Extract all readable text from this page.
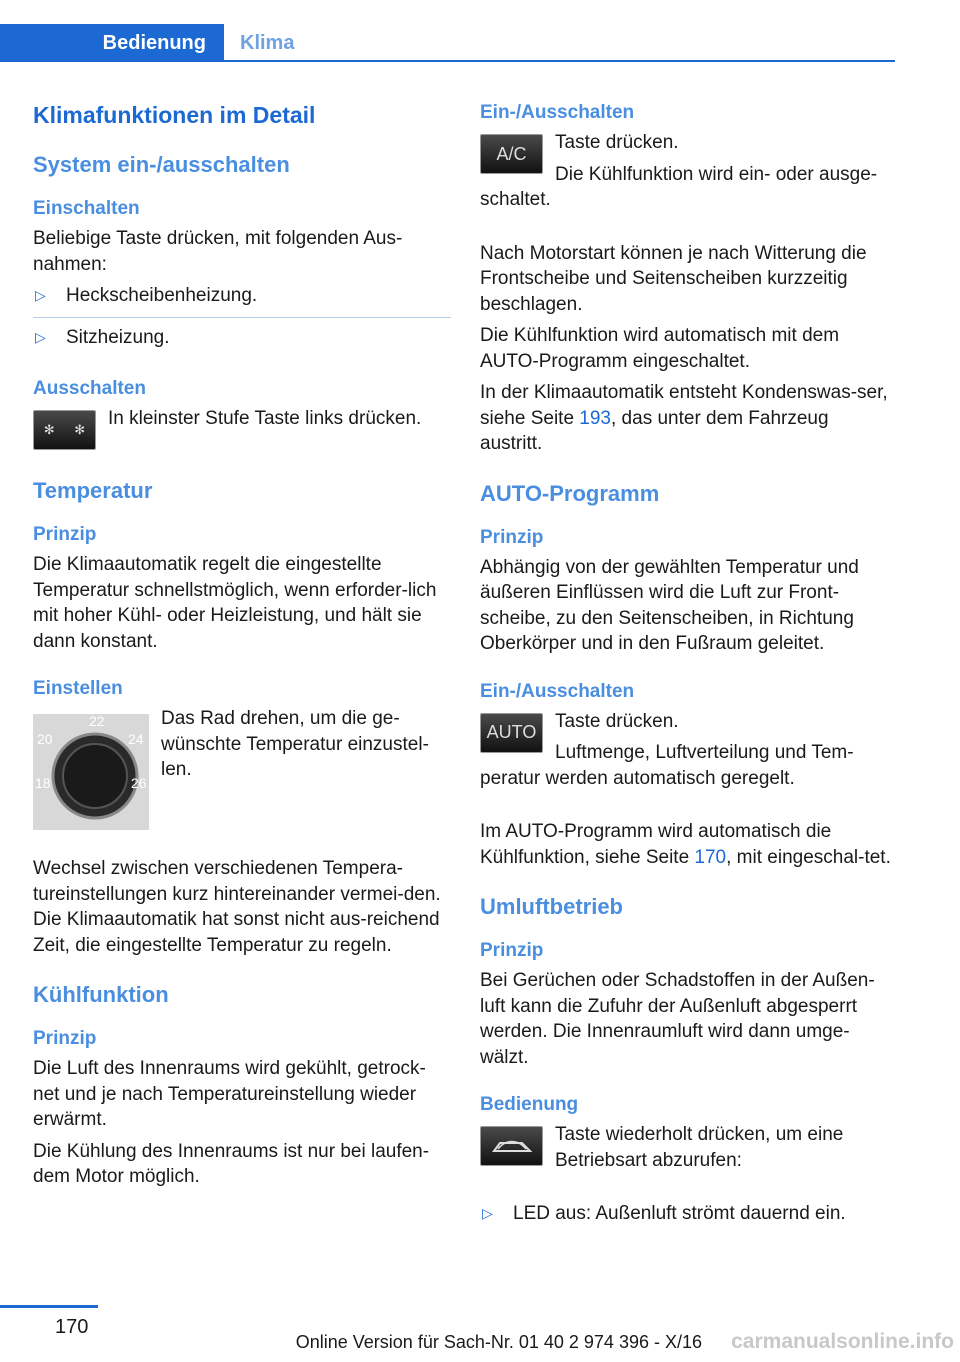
Bedienung	Klima
Klimafunktionen im Detail
System ein-/ausschalten
Einschalten

Beliebige Taste drücken, mit folgenden Aus-nahmen:

▷ Heckscheibenheizung.
▷ Sitzheizung.
Ausschalten
✻ ✻

In kleinster Stufe Taste links drücken.

Temperatur
Prinzip

Die Klimaautomatik regelt die eingestellte Temperatur schnellstmöglich, wenn erforder-lich mit hoher Kühl- oder Heizleistung, und hält sie dann konstant.

Einstellen
22
20	24
18	26

Das Rad drehen, um die ge-wünschte Temperatur einzustel-len.

Wechsel zwischen verschiedenen Tempera-tureinstellungen kurz hintereinander vermei-den. Die Klimaautomatik hat sonst nicht aus-reichend Zeit, die eingestellte Temperatur zu regeln.

Kühlfunktion
Prinzip

Die Luft des Innenraums wird gekühlt, getrock-net und je nach Temperatureinstellung wieder erwärmt.

Die Kühlung des Innenraums ist nur bei laufen-dem Motor möglich.

Ein-/Ausschalten
A/C

Taste drücken.

Die Kühlfunktion wird ein- oder ausge-schaltet.

Nach Motorstart können je nach Witterung die Frontscheibe und Seitenscheiben kurzzeitig beschlagen.

Die Kühlfunktion wird automatisch mit dem AUTO-Programm eingeschaltet.

In der Klimaautomatik entsteht Kondenswas-ser, siehe Seite 193, das unter dem Fahrzeug austritt.

AUTO-Programm
Prinzip

Abhängig von der gewählten Temperatur und äußeren Einflüssen wird die Luft zur Front-scheibe, zu den Seitenscheiben, in Richtung Oberkörper und in den Fußraum geleitet.

Ein-/Ausschalten
AUTO

Taste drücken.

Luftmenge, Luftverteilung und Tem-peratur werden automatisch geregelt.

Im AUTO-Programm wird automatisch die Kühlfunktion, siehe Seite 170, mit eingeschal-tet.

Umluftbetrieb
Prinzip

Bei Gerüchen oder Schadstoffen in der Außen-luft kann die Zufuhr der Außenluft abgesperrt werden. Die Innenraumluft wird dann umge-wälzt.

Bedienung

Taste wiederholt drücken, um eine Betriebsart abzurufen:

▷ LED aus: Außenluft strömt dauernd ein.
170
Online Version für Sach-Nr. 01 40 2 974 396 - X/16 carmanualsonline.info
